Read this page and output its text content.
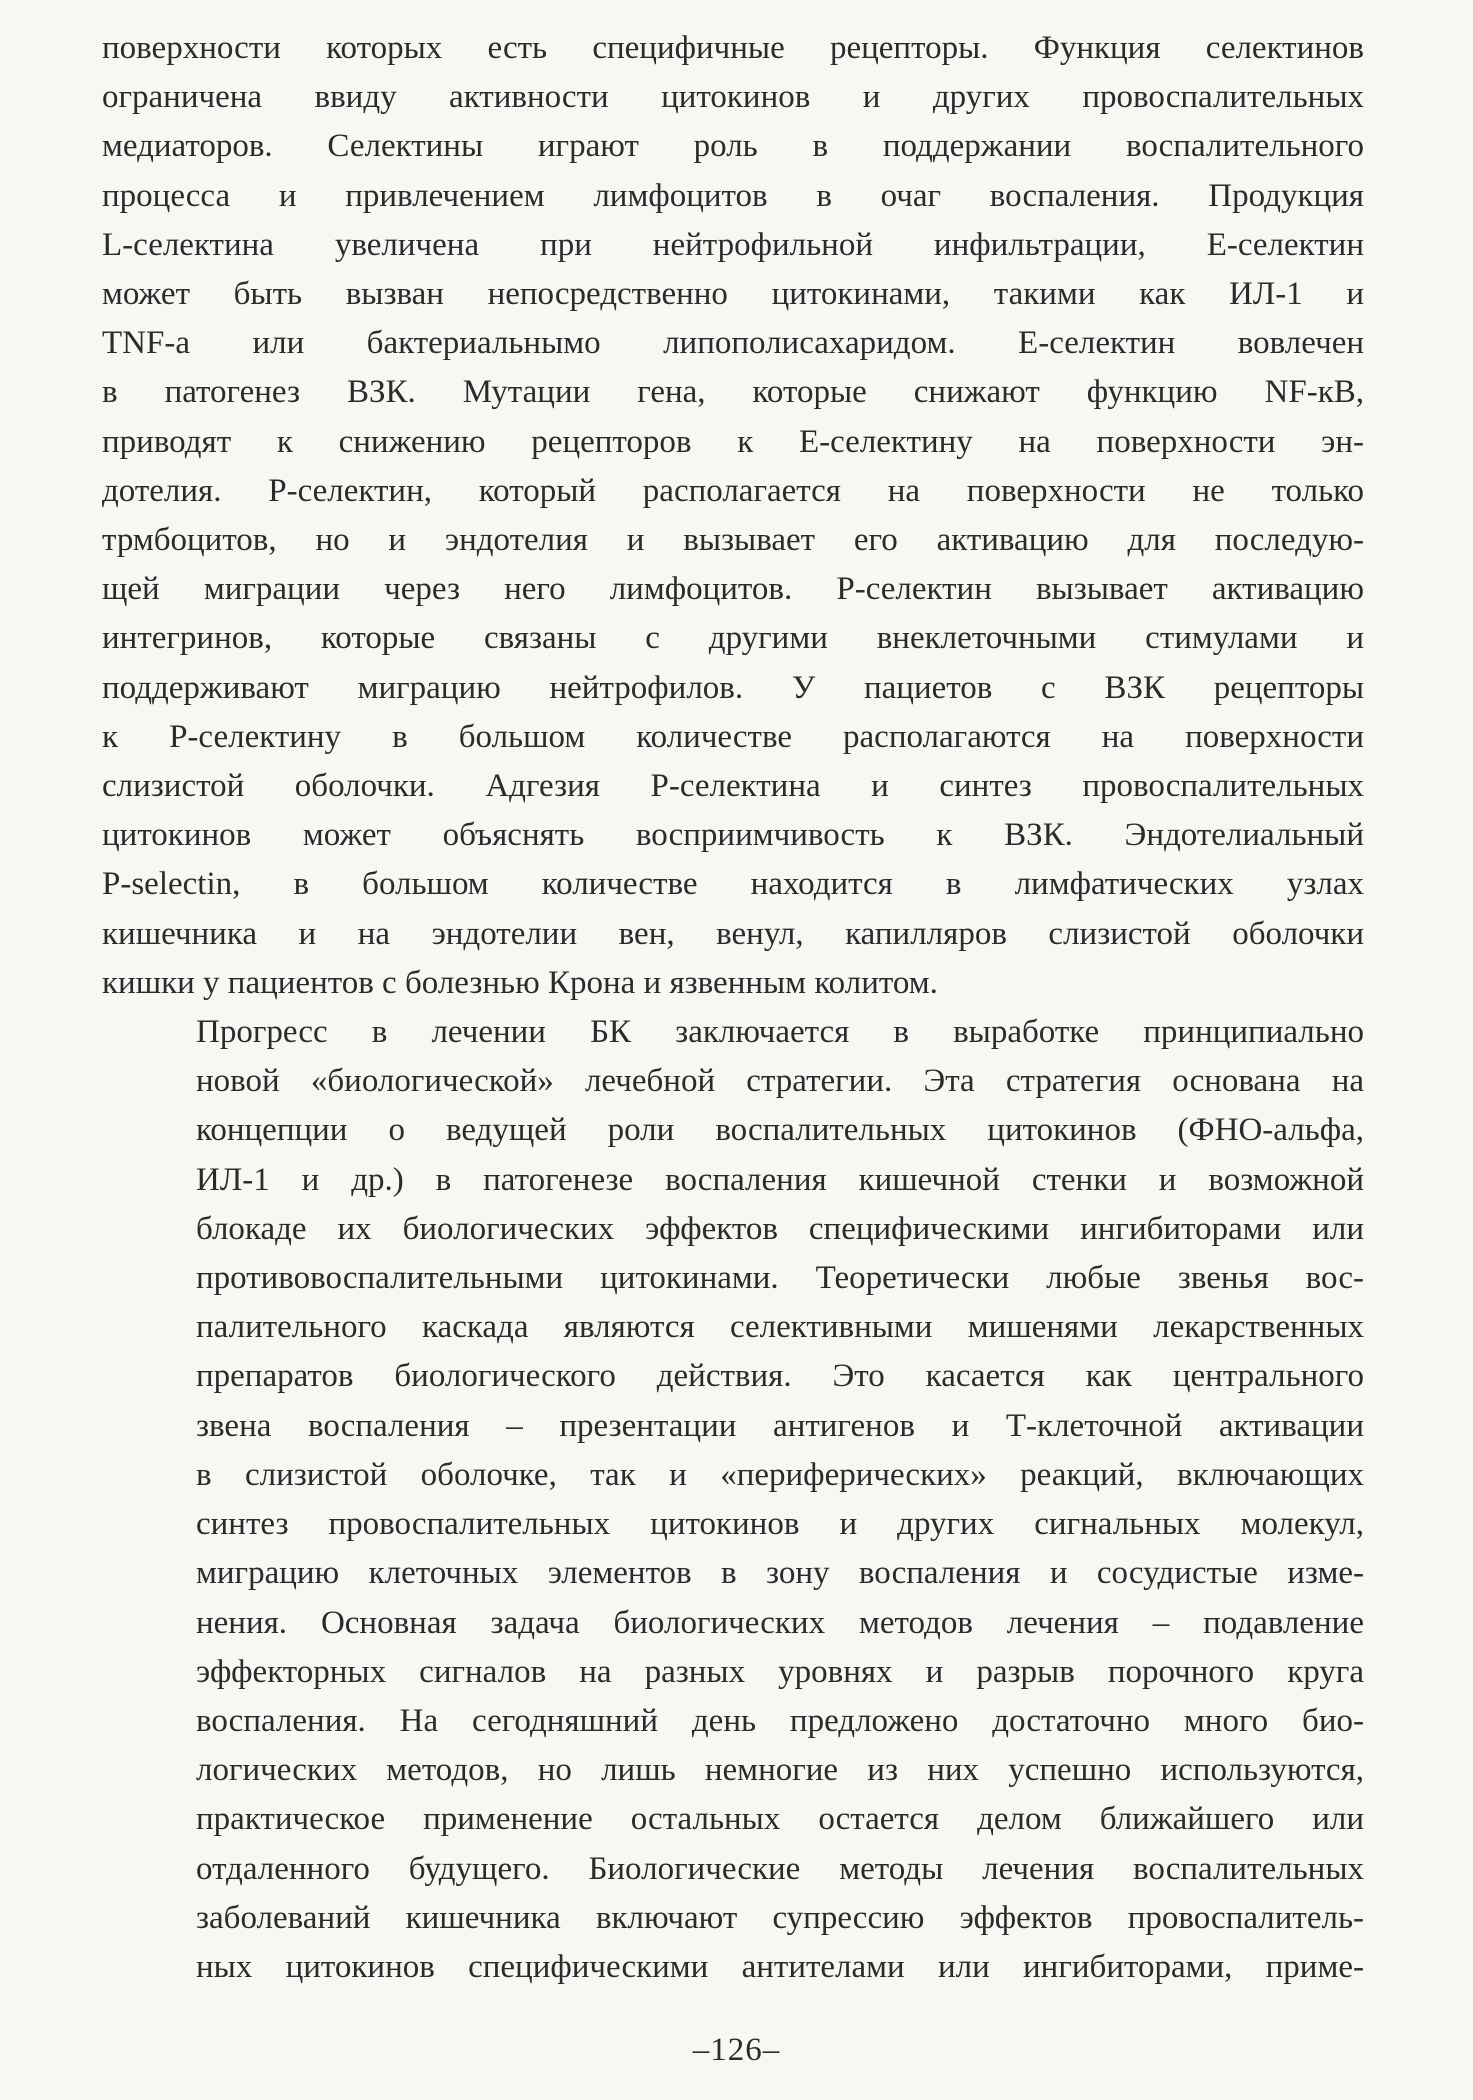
поверхности которых есть специфичные рецепторы. Функция селектинов
ограничена ввиду активности цитокинов и других провоспалительных
медиаторов. Селектины играют роль в поддержании воспалительного
процесса и привлечением лимфоцитов в очаг воспаления. Продукция
L-селектина увеличена при нейтрофильной инфильтрации, Е-селектин
может быть вызван непосредственно цитокинами, такими как ИЛ-1 и
TNF-a или бактериальнымо липополисахаридом. Е-селектин вовлечен
в патогенез ВЗК. Мутации гена, которые снижают функцию NF-кВ,
приводят к снижению рецепторов к Е-селектину на поверхности эн-
дотелия. Р-селектин, который располагается на поверхности не только
трмбоцитов, но и эндотелия и вызывает его активацию для последую-
щей миграции через него лимфоцитов. Р-селектин вызывает активацию
интегринов, которые связаны с другими внеклеточными стимулами и
поддерживают миграцию нейтрофилов. У пациетов с ВЗК рецепторы
к Р-селектину в большом количестве располагаются на поверхности
слизистой оболочки. Адгезия Р-селектина и синтез провоспалительных
цитокинов может объяснять восприимчивость к ВЗК. Эндотелиальный
P-selectin, в большом количестве находится в лимфатических узлах
кишечника и на эндотелии вен, венул, капилляров слизистой оболочки
кишки у пациентов с болезнью Крона и язвенным колитом.

Прогресс в лечении БК заключается в выработке принципиально
новой «биологической» лечебной стратегии. Эта стратегия основана на
концепции о ведущей роли воспалительных цитокинов (ФНО-альфа,
ИЛ-1 и др.) в патогенезе воспаления кишечной стенки и возможной
блокаде их биологических эффектов специфическими ингибиторами или
противовоспалительными цитокинами. Теоретически любые звенья вос-
палительного каскада являются селективными мишенями лекарственных
препаратов биологического действия. Это касается как центрального
звена воспаления – презентации антигенов и Т-клеточной активации
в слизистой оболочке, так и «периферических» реакций, включающих
синтез провоспалительных цитокинов и других сигнальных молекул,
миграцию клеточных элементов в зону воспаления и сосудистые изме-
нения. Основная задача биологических методов лечения – подавление
эффекторных сигналов на разных уровнях и разрыв порочного круга
воспаления. На сегодняшний день предложено достаточно много био-
логических методов, но лишь немногие из них успешно используются,
практическое применение остальных остается делом ближайшего или
отдаленного будущего. Биологические методы лечения воспалительных
заболеваний кишечника включают супрессию эффектов провоспалитель-
ных цитокинов специфическими антителами или ингибиторами, приме-

–126–
